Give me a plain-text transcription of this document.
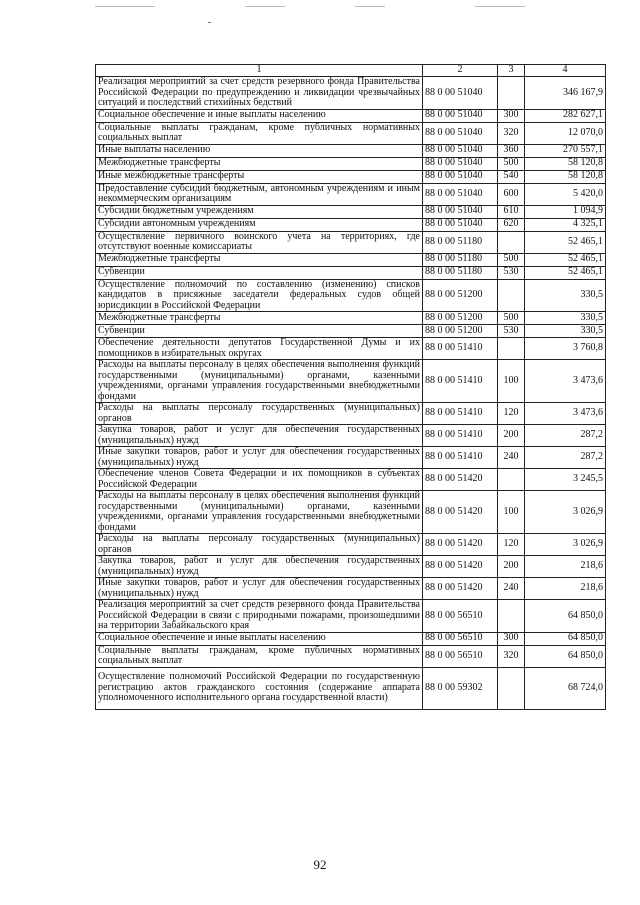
1	2	3	4
Реализация мероприятий за счет средств резервного фонда Правительства Российской Федерации по предупреждению и ликвидации чрезвычайных ситуаций и последствий стихийных бедствий	88 0 00 51040		346 167,9
Социальное обеспечение и иные выплаты населению	88 0 00 51040	300	282 627,1
Социальные выплаты гражданам, кроме публичных нормативных социальных выплат	88 0 00 51040	320	12 070,0
Иные выплаты населению	88 0 00 51040	360	270 557,1
Межбюджетные трансферты	88 0 00 51040	500	58 120,8
Иные межбюджетные трансферты	88 0 00 51040	540	58 120,8
Предоставление субсидий бюджетным, автономным учреждениям и иным некоммерческим организациям	88 0 00 51040	600	5 420,0
Субсидии бюджетным учреждениям	88 0 00 51040	610	1 094,9
Субсидии автономным учреждениям	88 0 00 51040	620	4 325,1
Осуществление первичного воинского учета на территориях, где отсутствуют военные комиссариаты	88 0 00 51180		52 465,1
Межбюджетные трансферты	88 0 00 51180	500	52 465,1
Субвенции	88 0 00 51180	530	52 465,1
Осуществление полномочий по составлению (изменению) списков кандидатов в присяжные заседатели федеральных судов общей юрисдикции в Российской Федерации	88 0 00 51200		330,5
Межбюджетные трансферты	88 0 00 51200	500	330,5
Субвенции	88 0 00 51200	530	330,5
Обеспечение деятельности депутатов Государственной Думы и их помощников в избирательных округах	88 0 00 51410		3 760,8
Расходы на выплаты персоналу в целях обеспечения выполнения функций государственными (муниципальными) органами, казенными учреждениями, органами управления государственными внебюджетными фондами	88 0 00 51410	100	3 473,6
Расходы на выплаты персоналу государственных (муниципальных) органов	88 0 00 51410	120	3 473,6
Закупка товаров, работ и услуг для обеспечения государственных (муниципальных) нужд	88 0 00 51410	200	287,2
Иные закупки товаров, работ и услуг для обеспечения государственных (муниципальных) нужд	88 0 00 51410	240	287,2
Обеспечение членов Совета Федерации и их помощников в субъектах Российской Федерации	88 0 00 51420		3 245,5
Расходы на выплаты персоналу в целях обеспечения выполнения функций государственными (муниципальными) органами, казенными учреждениями, органами управления государственными внебюджетными фондами	88 0 00 51420	100	3 026,9
Расходы на выплаты персоналу государственных (муниципальных) органов	88 0 00 51420	120	3 026,9
Закупка товаров, работ и услуг для обеспечения государственных (муниципальных) нужд	88 0 00 51420	200	218,6
Иные закупки товаров, работ и услуг для обеспечения государственных (муниципальных) нужд	88 0 00 51420	240	218,6
Реализация мероприятий за счет средств резервного фонда Правительства Российской Федерации в связи с природными пожарами, произошедшими на территории Забайкальского края	88 0 00 56510		64 850,0
Социальное обеспечение и иные выплаты населению	88 0 00 56510	300	64 850,0
Социальные выплаты гражданам, кроме публичных нормативных социальных выплат	88 0 00 56510	320	64 850,0
Осуществление полномочий Российской Федерации по государственную регистрацию актов гражданского состояния (содержание аппарата уполномоченного исполнительного органа государственной власти)	88 0 00 59302		68 724,0
92
